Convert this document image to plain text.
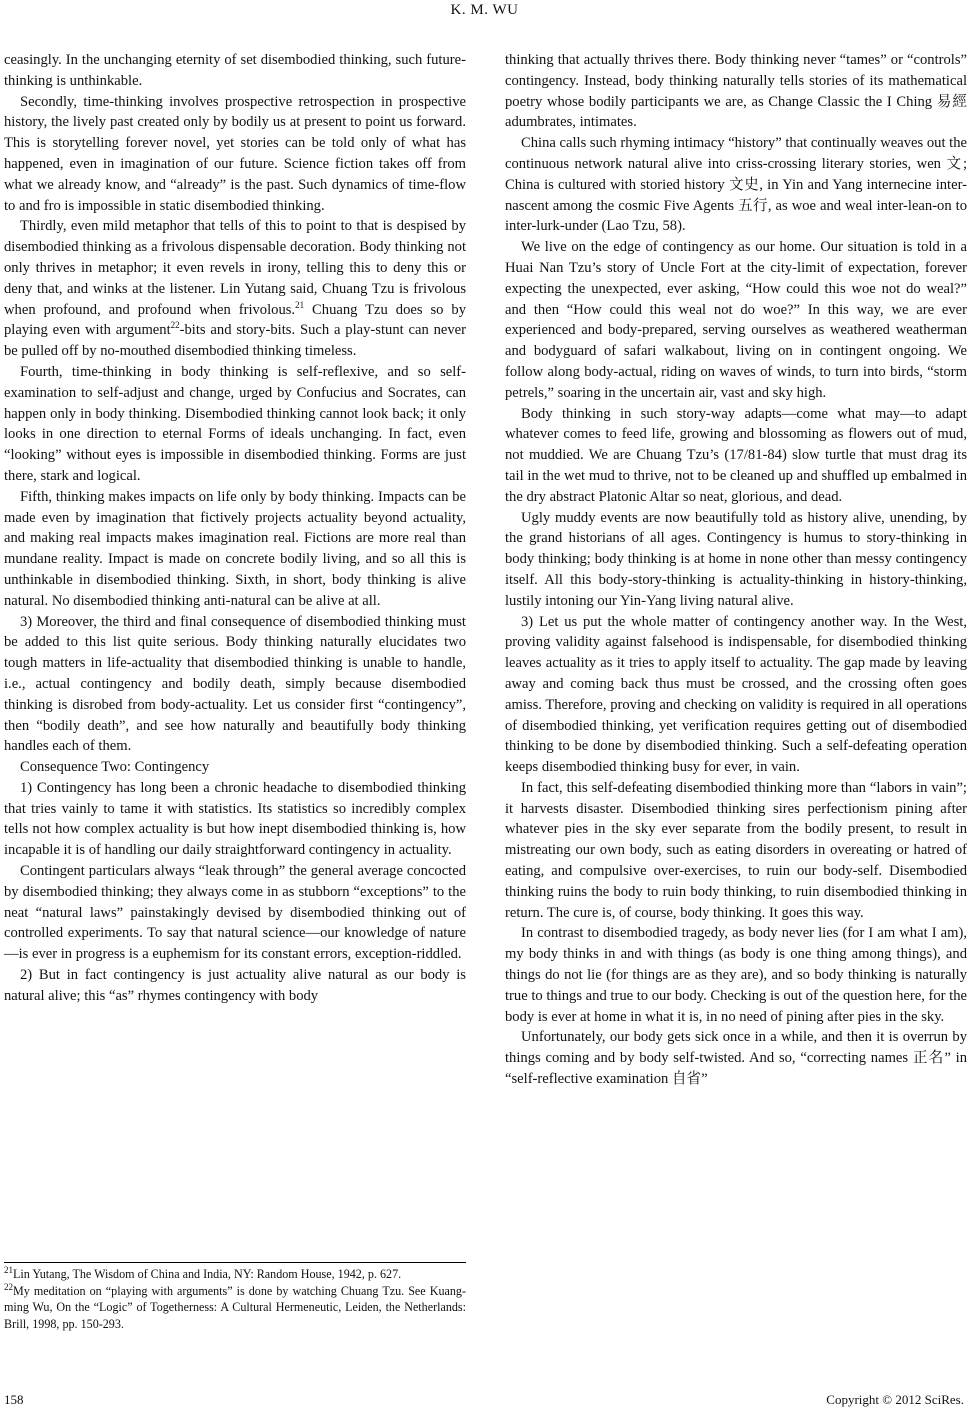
K. M. WU

ceasingly. In the unchanging eternity of set disembodied thinking, such future-thinking is unthinkable.

Secondly, time-thinking involves prospective retrospection in prospective history, the lively past created only by bodily us at present to point us forward. This is storytelling forever novel, yet stories can be told only of what has happened, even in imagination of our future. Science fiction takes off from what we already know, and “already” is the past. Such dynamics of time-flow to and fro is impossible in static disembodied thinking.

Thirdly, even mild metaphor that tells of this to point to that is despised by disembodied thinking as a frivolous dispensable decoration. Body thinking not only thrives in metaphor; it even revels in irony, telling this to deny this or deny that, and winks at the listener. Lin Yutang said, Chuang Tzu is frivolous when profound, and profound when frivolous.$^{21}$ Chuang Tzu does so by playing even with argument$^{22}$-bits and story-bits. Such a play-stunt can never be pulled off by no-mouthed disembodied thinking timeless.

Fourth, time-thinking in body thinking is self-reflexive, and so self-examination to self-adjust and change, urged by Confucius and Socrates, can happen only in body thinking. Disembodied thinking cannot look back; it only looks in one direction to eternal Forms of ideals unchanging. In fact, even “looking” without eyes is impossible in disembodied thinking. Forms are just there, stark and logical.

Fifth, thinking makes impacts on life only by body thinking. Impacts can be made even by imagination that fictively projects actuality beyond actuality, and making real impacts makes imagination real. Fictions are more real than mundane reality. Impact is made on concrete bodily living, and so all this is unthinkable in disembodied thinking. Sixth, in short, body thinking is alive natural. No disembodied thinking anti-natural can be alive at all.

3) Moreover, the third and final consequence of disembodied thinking must be added to this list quite serious. Body thinking naturally elucidates two tough matters in life-actuality that disembodied thinking is unable to handle, i.e., actual contingency and bodily death, simply because disembodied thinking is disrobed from body-actuality. Let us consider first “contingency”, then “bodily death”, and see how naturally and beautifully body thinking handles each of them.

Consequence Two: Contingency

1) Contingency has long been a chronic headache to disembodied thinking that tries vainly to tame it with statistics. Its statistics so incredibly complex tells not how complex actuality is but how inept disembodied thinking is, how incapable it is of handling our daily straightforward contingency in actuality.

Contingent particulars always “leak through” the general average concocted by disembodied thinking; they always come in as stubborn “exceptions” to the neat “natural laws” painstakingly devised by disembodied thinking out of controlled experiments. To say that natural science—our knowledge of nature—is ever in progress is a euphemism for its constant errors, exception-riddled.

2) But in fact contingency is just actuality alive natural as our body is natural alive; this “as” rhymes contingency with body

thinking that actually thrives there. Body thinking never “tames” or “controls” contingency. Instead, body thinking naturally tells stories of its mathematical poetry whose bodily participants we are, as Change Classic the I Ching 易經 adumbrates, intimates.

China calls such rhyming intimacy “history” that continually weaves out the continuous network natural alive into criss-crossing literary stories, wen 文; China is cultured with storied history 文史, in Yin and Yang internecine inter-nascent among the cosmic Five Agents 五行, as woe and weal inter-lean-on to inter-lurk-under (Lao Tzu, 58).

We live on the edge of contingency as our home. Our situation is told in a Huai Nan Tzu’s story of Uncle Fort at the city-limit of expectation, forever expecting the unexpected, ever asking, “How could this woe not do weal?” and then “How could this weal not do woe?” In this way, we are ever experienced and body-prepared, serving ourselves as weathered weatherman and bodyguard of safari walkabout, living on in contingent ongoing. We follow along body-actual, riding on waves of winds, to turn into birds, “storm petrels,” soaring in the uncertain air, vast and sky high.

Body thinking in such story-way adapts—come what may—to adapt whatever comes to feed life, growing and blossoming as flowers out of mud, not muddied. We are Chuang Tzu’s (17/81-84) slow turtle that must drag its tail in the wet mud to thrive, not to be cleaned up and shuffled up embalmed in the dry abstract Platonic Altar so neat, glorious, and dead.

Ugly muddy events are now beautifully told as history alive, unending, by the grand historians of all ages. Contingency is humus to story-thinking in body thinking; body thinking is at home in none other than messy contingency itself. All this body-story-thinking is actuality-thinking in history-thinking, lustily intoning our Yin-Yang living natural alive.

3) Let us put the whole matter of contingency another way. In the West, proving validity against falsehood is indispensable, for disembodied thinking leaves actuality as it tries to apply itself to actuality. The gap made by leaving away and coming back thus must be crossed, and the crossing often goes amiss. Therefore, proving and checking on validity is required in all operations of disembodied thinking, yet verification requires getting out of disembodied thinking to be done by disembodied thinking. Such a self-defeating operation keeps disembodied thinking busy for ever, in vain.

In fact, this self-defeating disembodied thinking more than “labors in vain”; it harvests disaster. Disembodied thinking sires perfectionism pining after whatever pies in the sky ever separate from the bodily present, to result in mistreating our own body, such as eating disorders in overeating or hatred of eating, and compulsive over-exercises, to ruin our body-self. Disembodied thinking ruins the body to ruin body thinking, to ruin disembodied thinking in return. The cure is, of course, body thinking. It goes this way.

In contrast to disembodied tragedy, as body never lies (for I am what I am), my body thinks in and with things (as body is one thing among things), and things do not lie (for things are as they are), and so body thinking is naturally true to things and true to our body. Checking is out of the question here, for the body is ever at home in what it is, in no need of pining after pies in the sky.

Unfortunately, our body gets sick once in a while, and then it is overrun by things coming and by body self-twisted. And so, “correcting names 正名” in “self-reflective examination 自省”

$^{21}$Lin Yutang, The Wisdom of China and India, NY: Random House, 1942, p. 627.

$^{22}$My meditation on “playing with arguments” is done by watching Chuang Tzu. See Kuang-ming Wu, On the “Logic” of Togetherness: A Cultural Hermeneutic, Leiden, the Netherlands: Brill, 1998, pp. 150-293.

158	Copyright © 2012 SciRes.
